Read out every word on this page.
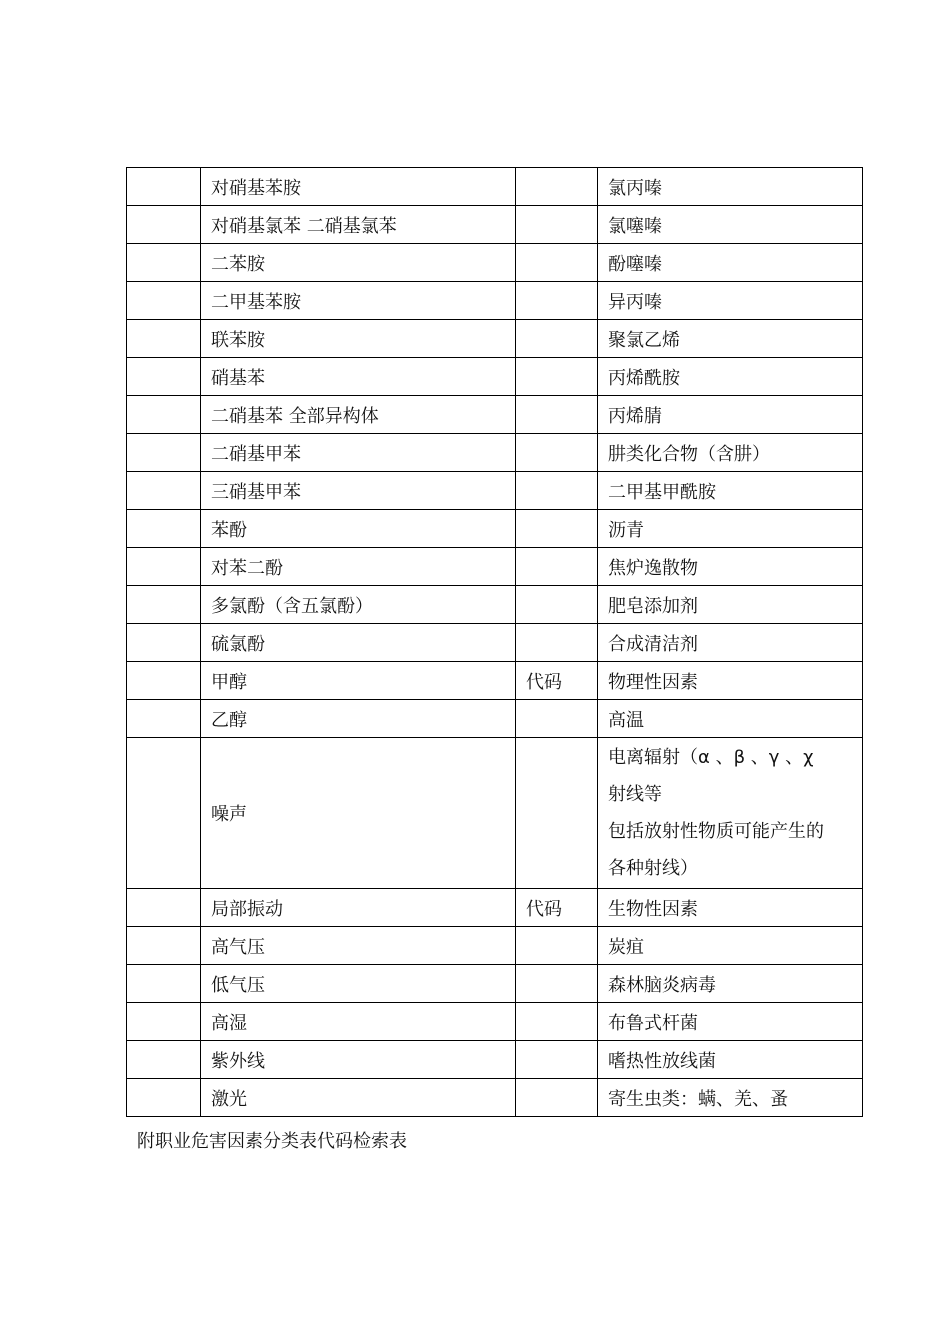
	对硝基苯胺		氯丙嗪
	对硝基氯苯 二硝基氯苯		氯噻嗪
	二苯胺		酚噻嗪
	二甲基苯胺		异丙嗪
	联苯胺		聚氯乙烯
	硝基苯		丙烯酰胺
	二硝基苯 全部异构体		丙烯腈
	二硝基甲苯		肼类化合物（含肼）
	三硝基甲苯		二甲基甲酰胺
	苯酚		沥青
	对苯二酚		焦炉逸散物
	多氯酚（含五氯酚）		肥皂添加剂
	硫氯酚		合成清洁剂
	甲醇	代码	物理性因素
	乙醇		高温
	噪声		电离辐射（α 、β 、γ 、χ
射线等
包括放射性物质可能产生的
各种射线）

	局部振动	代码	生物性因素
	高气压		炭疽
	低气压		森林脑炎病毒
	高湿		布鲁式杆菌
	紫外线		嗜热性放线菌
	激光		寄生虫类：螨、羌、蚤
附职业危害因素分类表代码检索表
